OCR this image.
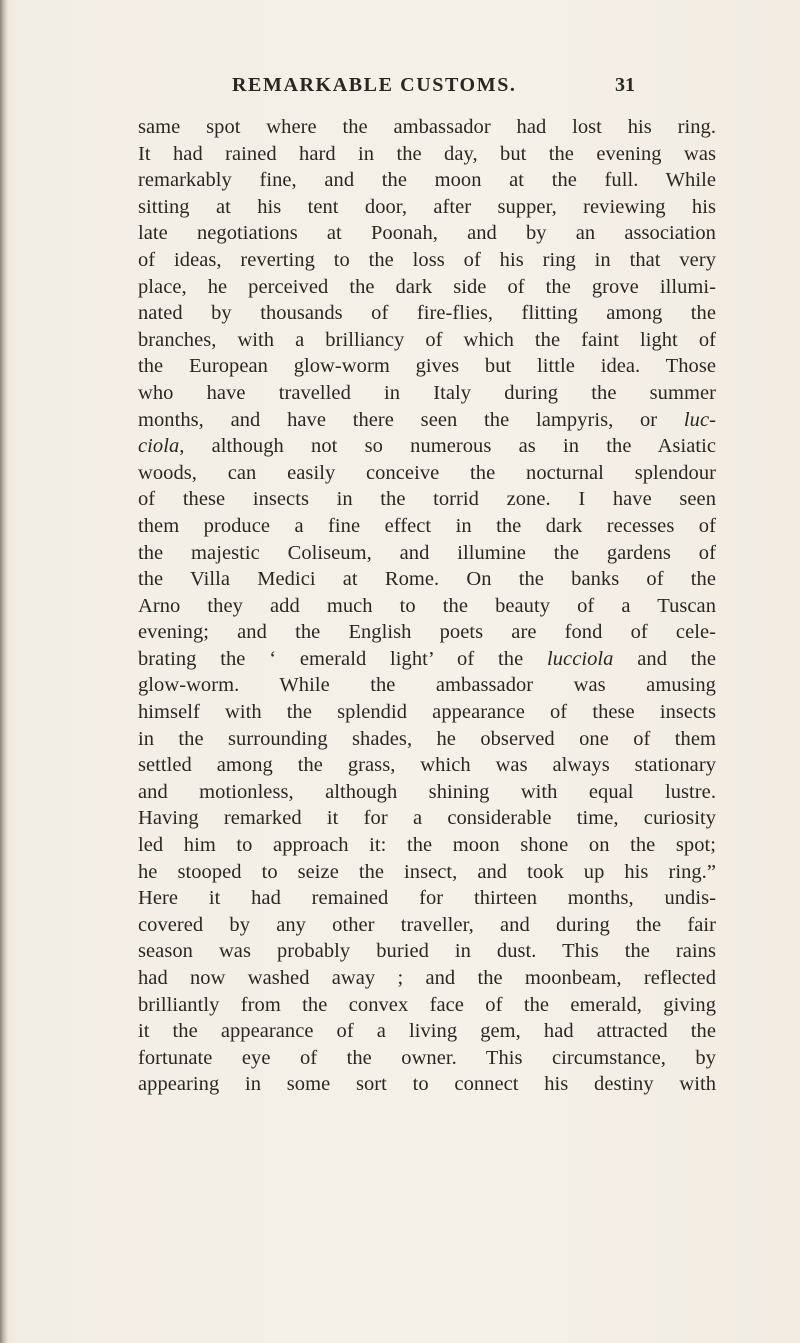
REMARKABLE CUSTOMS.	31
same spot where the ambassador had lost his ring.
It had rained hard in the day, but the evening was
remarkably fine, and the moon at the full. While
sitting at his tent door, after supper, reviewing his
late negotiations at Poonah, and by an association
of ideas, reverting to the loss of his ring in that very
place, he perceived the dark side of the grove illumi-
nated by thousands of fire-flies, flitting among the
branches, with a brilliancy of which the faint light of
the European glow-worm gives but little idea. Those
who have travelled in Italy during the summer
months, and have there seen the lampyris, or luc-
ciola, although not so numerous as in the Asiatic
woods, can easily conceive the nocturnal splendour
of these insects in the torrid zone. I have seen
them produce a fine effect in the dark recesses of
the majestic Coliseum, and illumine the gardens of
the Villa Medici at Rome. On the banks of the
Arno they add much to the beauty of a Tuscan
evening; and the English poets are fond of cele-
brating the ‘ emerald light’ of the lucciola and the
glow-worm. While the ambassador was amusing
himself with the splendid appearance of these insects
in the surrounding shades, he observed one of them
settled among the grass, which was always stationary
and motionless, although shining with equal lustre.
Having remarked it for a considerable time, curiosity
led him to approach it: the moon shone on the spot;
he stooped to seize the insect, and took up his ring.”
Here it had remained for thirteen months, undis-
covered by any other traveller, and during the fair
season was probably buried in dust. This the rains
had now washed away ; and the moonbeam, reflected
brilliantly from the convex face of the emerald, giving
it the appearance of a living gem, had attracted the
fortunate eye of the owner. This circumstance, by
appearing in some sort to connect his destiny with
